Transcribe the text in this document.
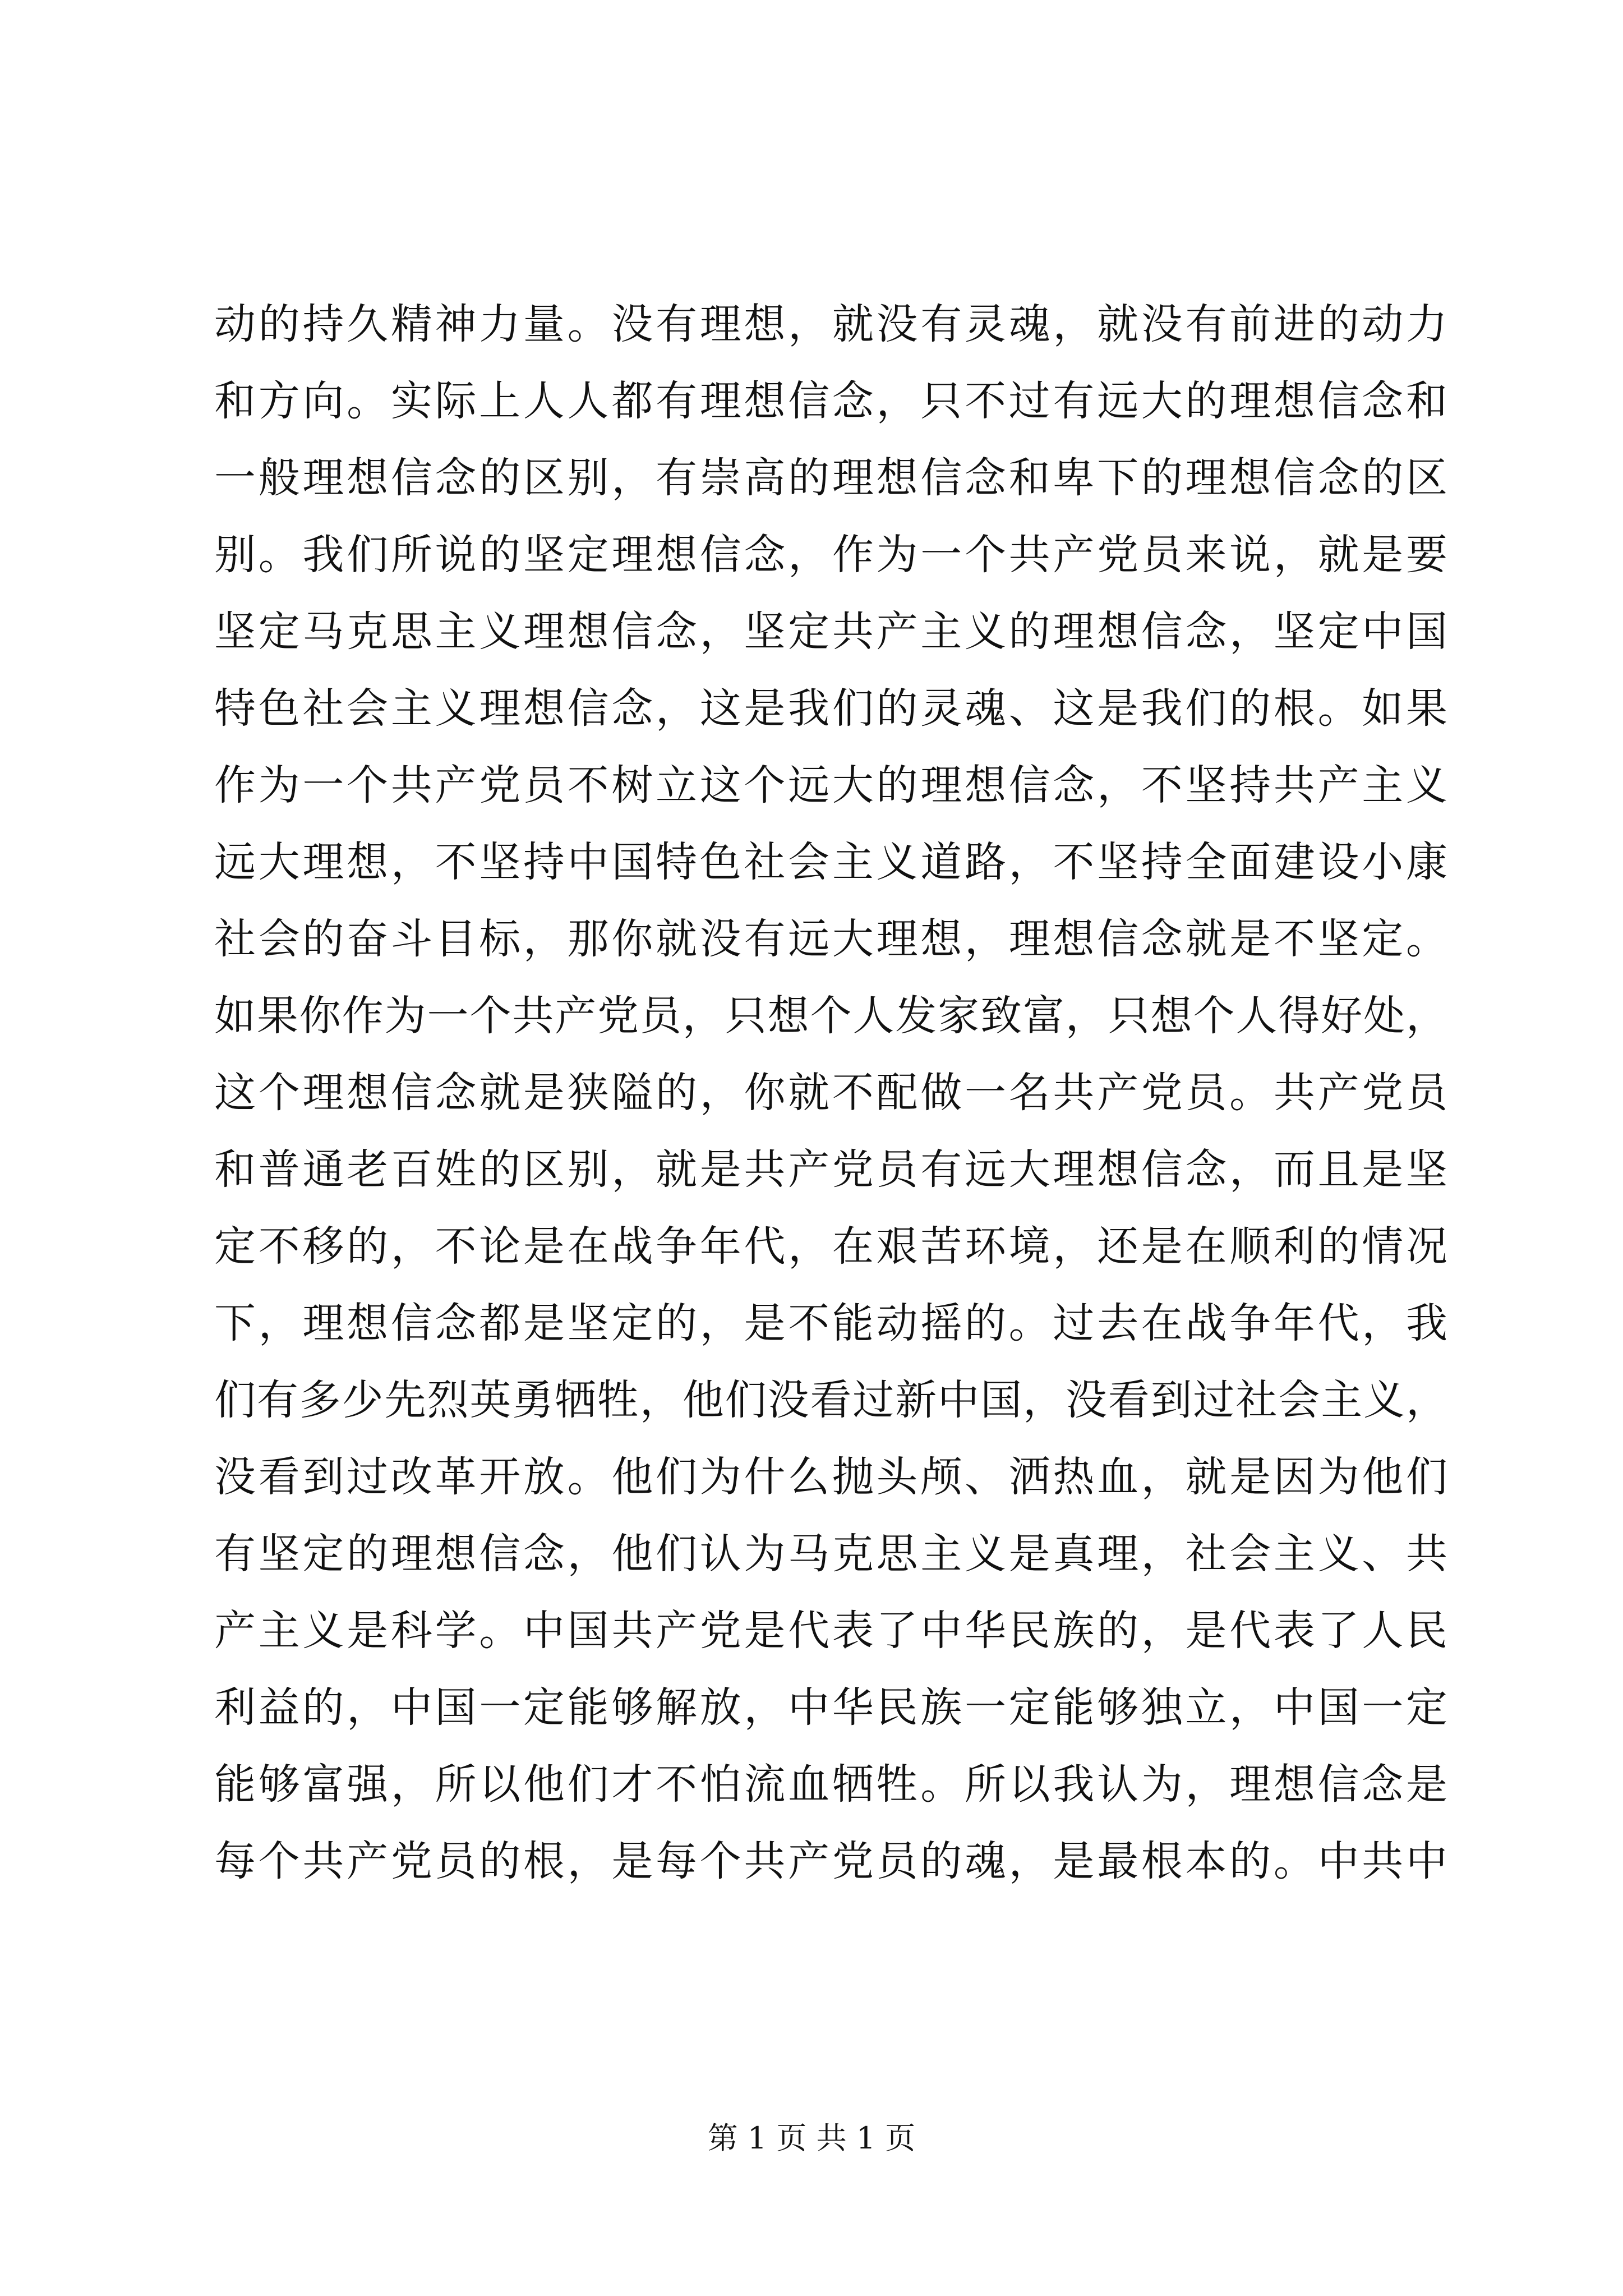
动的持久精神力量。没有理想，就没有灵魂，就没有前进的动力
和方向。实际上人人都有理想信念，只不过有远大的理想信念和
一般理想信念的区别，有崇高的理想信念和卑下的理想信念的区
别。我们所说的坚定理想信念，作为一个共产党员来说，就是要
坚定马克思主义理想信念，坚定共产主义的理想信念，坚定中国
特色社会主义理想信念，这是我们的灵魂、这是我们的根。如果
作为一个共产党员不树立这个远大的理想信念，不坚持共产主义
远大理想，不坚持中国特色社会主义道路，不坚持全面建设小康
社会的奋斗目标，那你就没有远大理想，理想信念就是不坚定。
如果你作为一个共产党员，只想个人发家致富，只想个人得好处，
这个理想信念就是狭隘的，你就不配做一名共产党员。共产党员
和普通老百姓的区别，就是共产党员有远大理想信念，而且是坚
定不移的，不论是在战争年代，在艰苦环境，还是在顺利的情况
下，理想信念都是坚定的，是不能动摇的。过去在战争年代，我
们有多少先烈英勇牺牲，他们没看过新中国，没看到过社会主义，
没看到过改革开放。他们为什么抛头颅、洒热血，就是因为他们
有坚定的理想信念，他们认为马克思主义是真理，社会主义、共
产主义是科学。中国共产党是代表了中华民族的，是代表了人民
利益的，中国一定能够解放，中华民族一定能够独立，中国一定
能够富强，所以他们才不怕流血牺牲。所以我认为，理想信念是
每个共产党员的根，是每个共产党员的魂，是最根本的。中共中
第 1 页 共 1 页
